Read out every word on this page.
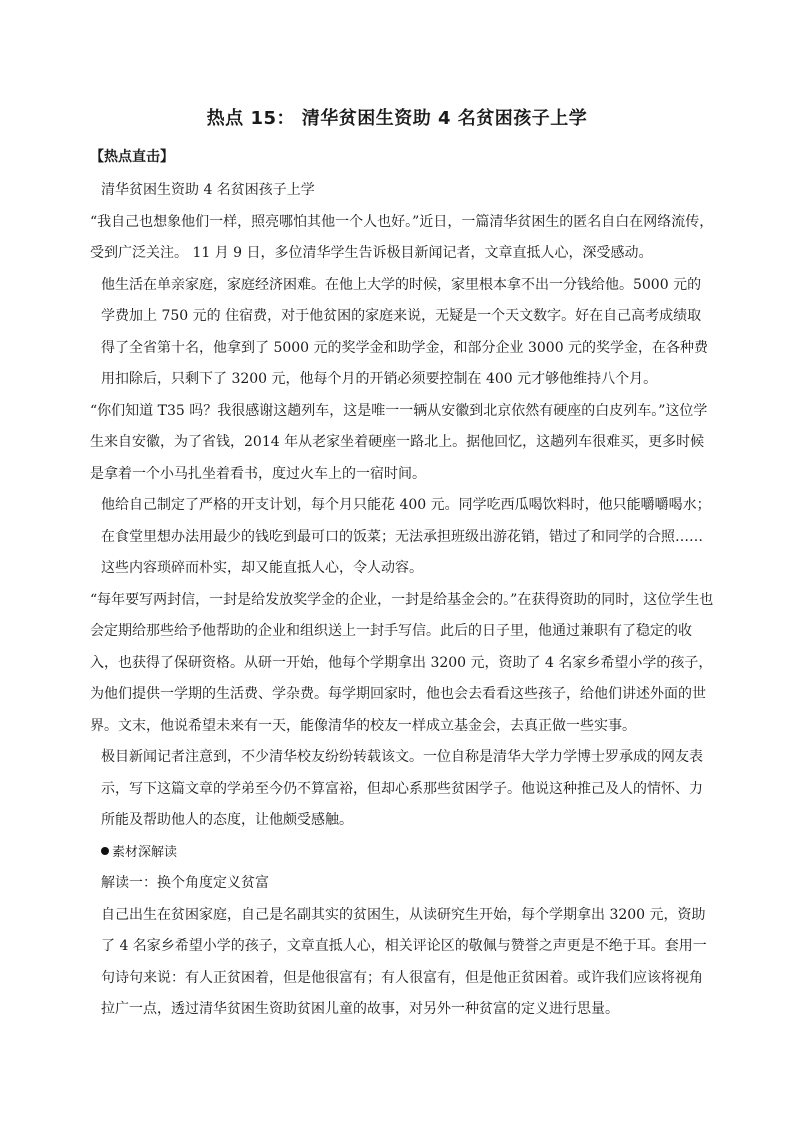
热点 15： 清华贫困生资助 4 名贫困孩子上学
【热点直击】

清华贫困生资助 4 名贫困孩子上学

“我自己也想象他们一样，照亮哪怕其他一个人也好。”近日，一篇清华贫困生的匿名自白在网络流传，受到广泛关注。 11 月 9 日，多位清华学生告诉极目新闻记者，文章直抵人心，深受感动。

他生活在单亲家庭，家庭经济困难。在他上大学的时候，家里根本拿不出一分钱给他。5000 元的学费加上 750 元的 住宿费，对于他贫困的家庭来说，无疑是一个天文数字。好在自己高考成绩取得了全省第十名，他拿到了 5000 元的奖学金和助学金，和部分企业 3000 元的奖学金，在各种费用扣除后，只剩下了 3200 元，他每个月的开销必须要控制在 400 元才够他维持八个月。

“你们知道 T35 吗？我很感谢这趟列车，这是唯一一辆从安徽到北京依然有硬座的白皮列车。”这位学生来自安徽，为了省钱，2014 年从老家坐着硬座一路北上。据他回忆，这趟列车很难买，更多时候是拿着一个小马扎坐着看书，度过火车上的一宿时间。

他给自己制定了严格的开支计划，每个月只能花 400 元。同学吃西瓜喝饮料时，他只能嚼嚼喝水；在食堂里想办法用最少的钱吃到最可口的饭菜；无法承担班级出游花销，错过了和同学的合照…… 这些内容琐碎而朴实，却又能直抵人心，令人动容。

“每年要写两封信，一封是给发放奖学金的企业，一封是给基金会的。”在获得资助的同时，这位学生也会定期给那些给予他帮助的企业和组织送上一封手写信。此后的日子里，他通过兼职有了稳定的收入，也获得了保研资格。从研一开始，他每个学期拿出 3200 元，资助了 4 名家乡希望小学的孩子，为他们提供一学期的生活费、学杂费。每学期回家时，他也会去看看这些孩子，给他们讲述外面的世界。文末，他说希望未来有一天，能像清华的校友一样成立基金会，去真正做一些实事。

极目新闻记者注意到，不少清华校友纷纷转载该文。一位自称是清华大学力学博士罗承成的网友表示，写下这篇文章的学弟至今仍不算富裕，但却心系那些贫困学子。他说这种推己及人的情怀、力所能及帮助他人的态度，让他颇受感触。

素材深解读

解读一：换个角度定义贫富

自己出生在贫困家庭，自己是名副其实的贫困生，从读研究生开始，每个学期拿出 3200 元，资助了 4 名家乡希望小学的孩子，文章直抵人心，相关评论区的敬佩与赞誉之声更是不绝于耳。套用一句诗句来说：有人正贫困着，但是他很富有；有人很富有，但是他正贫困着。或许我们应该将视角拉广一点，透过清华贫困生资助贫困儿童的故事，对另外一种贫富的定义进行思量。
